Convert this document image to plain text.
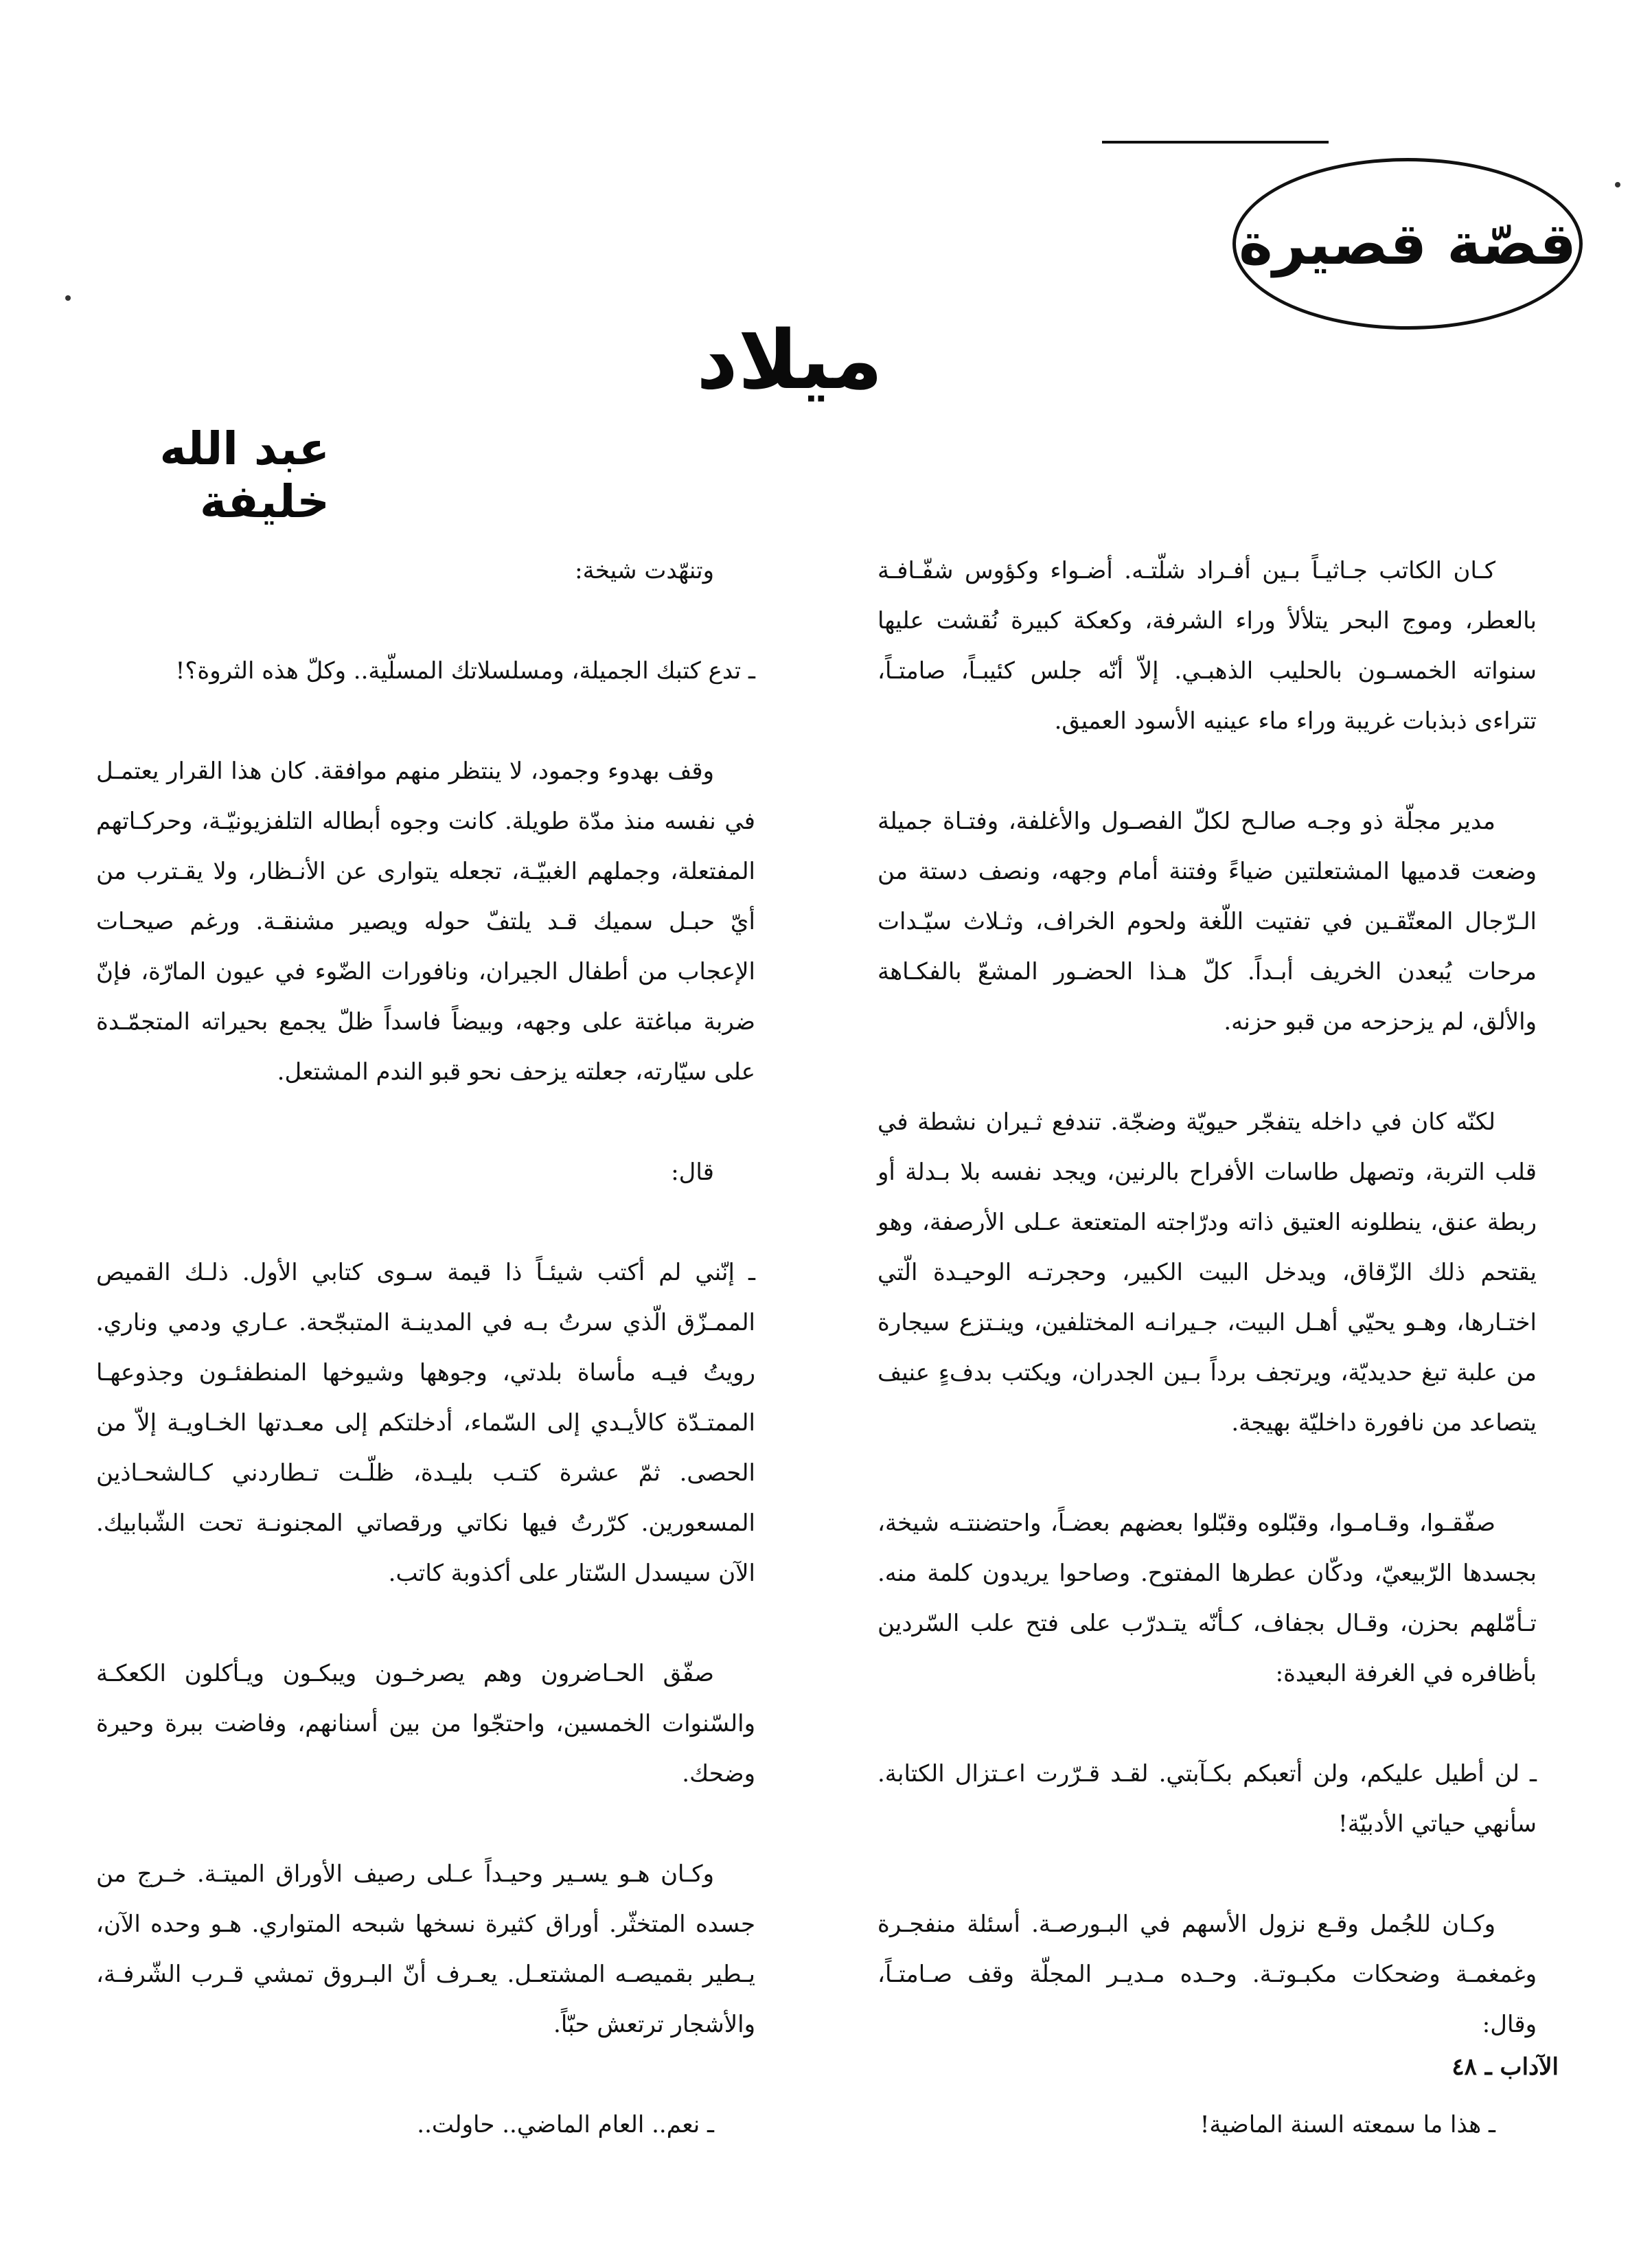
قصّة قصيرة
ميلاد
عبد الله خليفة

كـان الكاتب جـاثيـاً بـين أفـراد شلّتـه. أضـواء وكؤوس شفّـافـة بالعطر، وموج البحر يتلألأ وراء الشرفة، وكعكة كبيرة نُقشت عليها سنواته الخمسـون بالحليب الذهبـي. إلاّ أنّه جلس كئيبـاً، صامتـاً، تتراءى ذبذبات غريبة وراء ماء عينيه الأسود العميق.

مدير مجلّة ذو وجـه صالـح لكلّ الفصـول والأغلفة، وفتـاة جميلة وضعت قدميها المشتعلتين ضياءً وفتنة أمام وجهه، ونصف دستة من الـرّجال المعتّقـين في تفتيت اللّغة ولحوم الخراف، وثـلاث سيّـدات مرحات يُبعدن الخريف أبـداً. كلّ هـذا الحضـور المشعّ بالفكـاهة والألق، لم يزحزحه من قبو حزنه.

لكنّه كان في داخله يتفجّر حيويّة وضجّة. تندفع ثـيران نشطة في قلب التربة، وتصهل طاسات الأفراح بالرنين، ويجد نفسه بلا بـدلة أو ربطة عنق، ينطلونه العتيق ذاته ودرّاجته المتعتعة عـلى الأرصفة، وهو يقتحم ذلك الزّقاق، ويدخل البيت الكبير، وحجرتـه الوحيـدة الّتي اختـارها، وهـو يحيّي أهـل البيت، جـيرانـه المختلفين، وينـتزع سيجارة من علبة تبغ حديديّة، ويرتجف برداً بـين الجدران، ويكتب بدفءٍ عنيف يتصاعد من نافورة داخليّة بهيجة.

صفّقـوا، وقـامـوا، وقبّلوه وقبّلوا بعضهم بعضـاً، واحتضنتـه شيخة، بجسدها الرّبيعيّ، ودكّان عطرها المفتوح. وصاحوا يريدون كلمة منه. تـأمّلهم بحزن، وقـال بجفاف، كـأنّه يتـدرّب على فتح علب السّردين بأظافره في الغرفة البعيدة:

ـ لن أطيل عليكم، ولن أتعبكم بكـآبتي. لقـد قـرّرت اعـتزال الكتابة. سأنهي حياتي الأدبيّة!

وكـان للجُمل وقـع نزول الأسهم في البـورصـة. أسئلة منفجـرة وغمغمـة وضحكات مكبـوتـة. وحـده مـديـر المجلّة وقف صـامتـاً، وقال:

ـ هذا ما سمعته السنة الماضية!

وتنهّدت شيخة:

ـ تدع كتبك الجميلة، ومسلسلاتك المسلّية.. وكلّ هذه الثروة؟!

وقف بهدوء وجمود، لا ينتظر منهم موافقة. كان هذا القرار يعتمـل في نفسه منذ مدّة طويلة. كانت وجوه أبطاله التلفزيونيّـة، وحركـاتهم المفتعلة، وجملهم الغبيّـة، تجعله يتوارى عن الأنـظار، ولا يقـترب من أيّ حبـل سميك قـد يلتفّ حوله ويصير مشنقـة. ورغم صيحـات الإعجاب من أطفال الجيران، ونافورات الضّوء في عيون المارّة، فإنّ ضربة مباغتة على وجهه، وبيضاً فاسداً ظلّ يجمع بحيراته المتجمّـدة على سيّارته، جعلته يزحف نحو قبو الندم المشتعل.

قال:

ـ إنّني لم أكتب شيئـاً ذا قيمة سـوى كتابي الأول. ذلـك القميص الممـزّق الّذي سرتُ بـه في المدينـة المتبجّحة. عـاري ودمي وناري. رويتُ فيـه مأساة بلدتي، وجوهها وشيوخها المنطفئـون وجذوعهـا الممتـدّة كالأيـدي إلى السّماء، أدخلتكم إلى معـدتها الخـاويـة إلاّ من الحصى. ثمّ عشرة كتـب بليـدة، ظلّـت تـطاردني كـالشحـاذين المسعورين. كرّرتُ فيها نكاتي ورقصاتي المجنونـة تحت الشّبابيك. الآن سيسدل السّتار على أكذوبة كاتب.

صفّق الحـاضرون وهم يصرخـون ويبكـون ويـأكلون الكعكـة والسّنوات الخمسين، واحتجّوا من بين أسنانهم، وفاضت ببرة وحيرة وضحك.

وكـان هـو يسـير وحيـداً عـلى رصيف الأوراق الميتـة. خـرج من جسده المتخثّر. أوراق كثيرة نسخها شبحه المتواري. هـو وحده الآن، يـطير بقميصـه المشتعـل. يعـرف أنّ البـروق تمشي قـرب الشّرفـة، والأشجار ترتعش حبّاً.

ـ نعم.. العام الماضي.. حاولت..

الآداب ـ ٤٨
